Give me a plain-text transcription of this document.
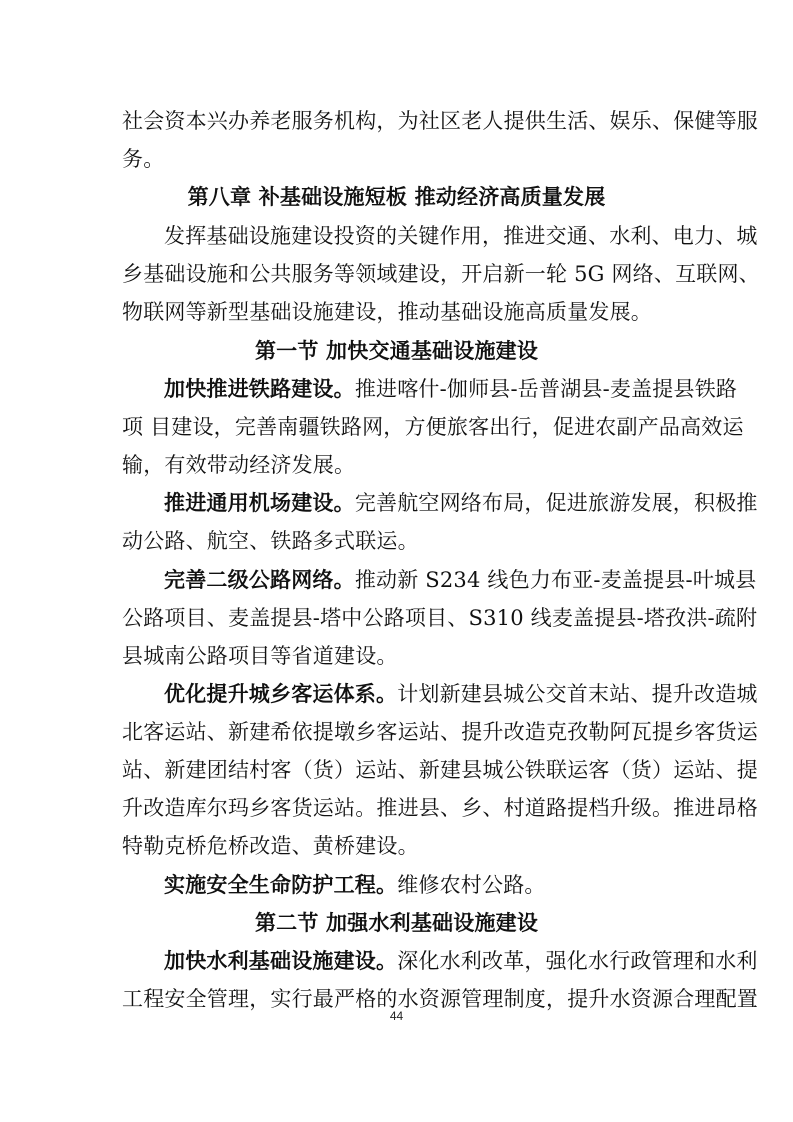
社会资本兴办养老服务机构，为社区老人提供生活、娱乐、保健等服
务。
第八章 补基础设施短板 推动经济高质量发展
发挥基础设施建设投资的关键作用，推进交通、水利、电力、城
乡基础设施和公共服务等领域建设，开启新一轮 5G 网络、互联网、
物联网等新型基础设施建设，推动基础设施高质量发展。
第一节 加快交通基础设施建设
加快推进铁路建设。推进喀什-伽师县-岳普湖县-麦盖提县铁路
项 目建设，完善南疆铁路网，方便旅客出行，促进农副产品高效运
输，有效带动经济发展。
推进通用机场建设。完善航空网络布局，促进旅游发展，积极推
动公路、航空、铁路多式联运。
完善二级公路网络。推动新 S234 线色力布亚-麦盖提县-叶城县
公路项目、麦盖提县-塔中公路项目、S310 线麦盖提县-塔孜洪-疏附
县城南公路项目等省道建设。
优化提升城乡客运体系。计划新建县城公交首末站、提升改造城
北客运站、新建希依提墩乡客运站、提升改造克孜勒阿瓦提乡客货运
站、新建团结村客（货）运站、新建县城公铁联运客（货）运站、提
升改造库尔玛乡客货运站。推进县、乡、村道路提档升级。推进昂格
特勒克桥危桥改造、黄桥建设。
实施安全生命防护工程。维修农村公路。
第二节 加强水利基础设施建设
加快水利基础设施建设。深化水利改革，强化水行政管理和水利
工程安全管理，实行最严格的水资源管理制度，提升水资源合理配置
44
